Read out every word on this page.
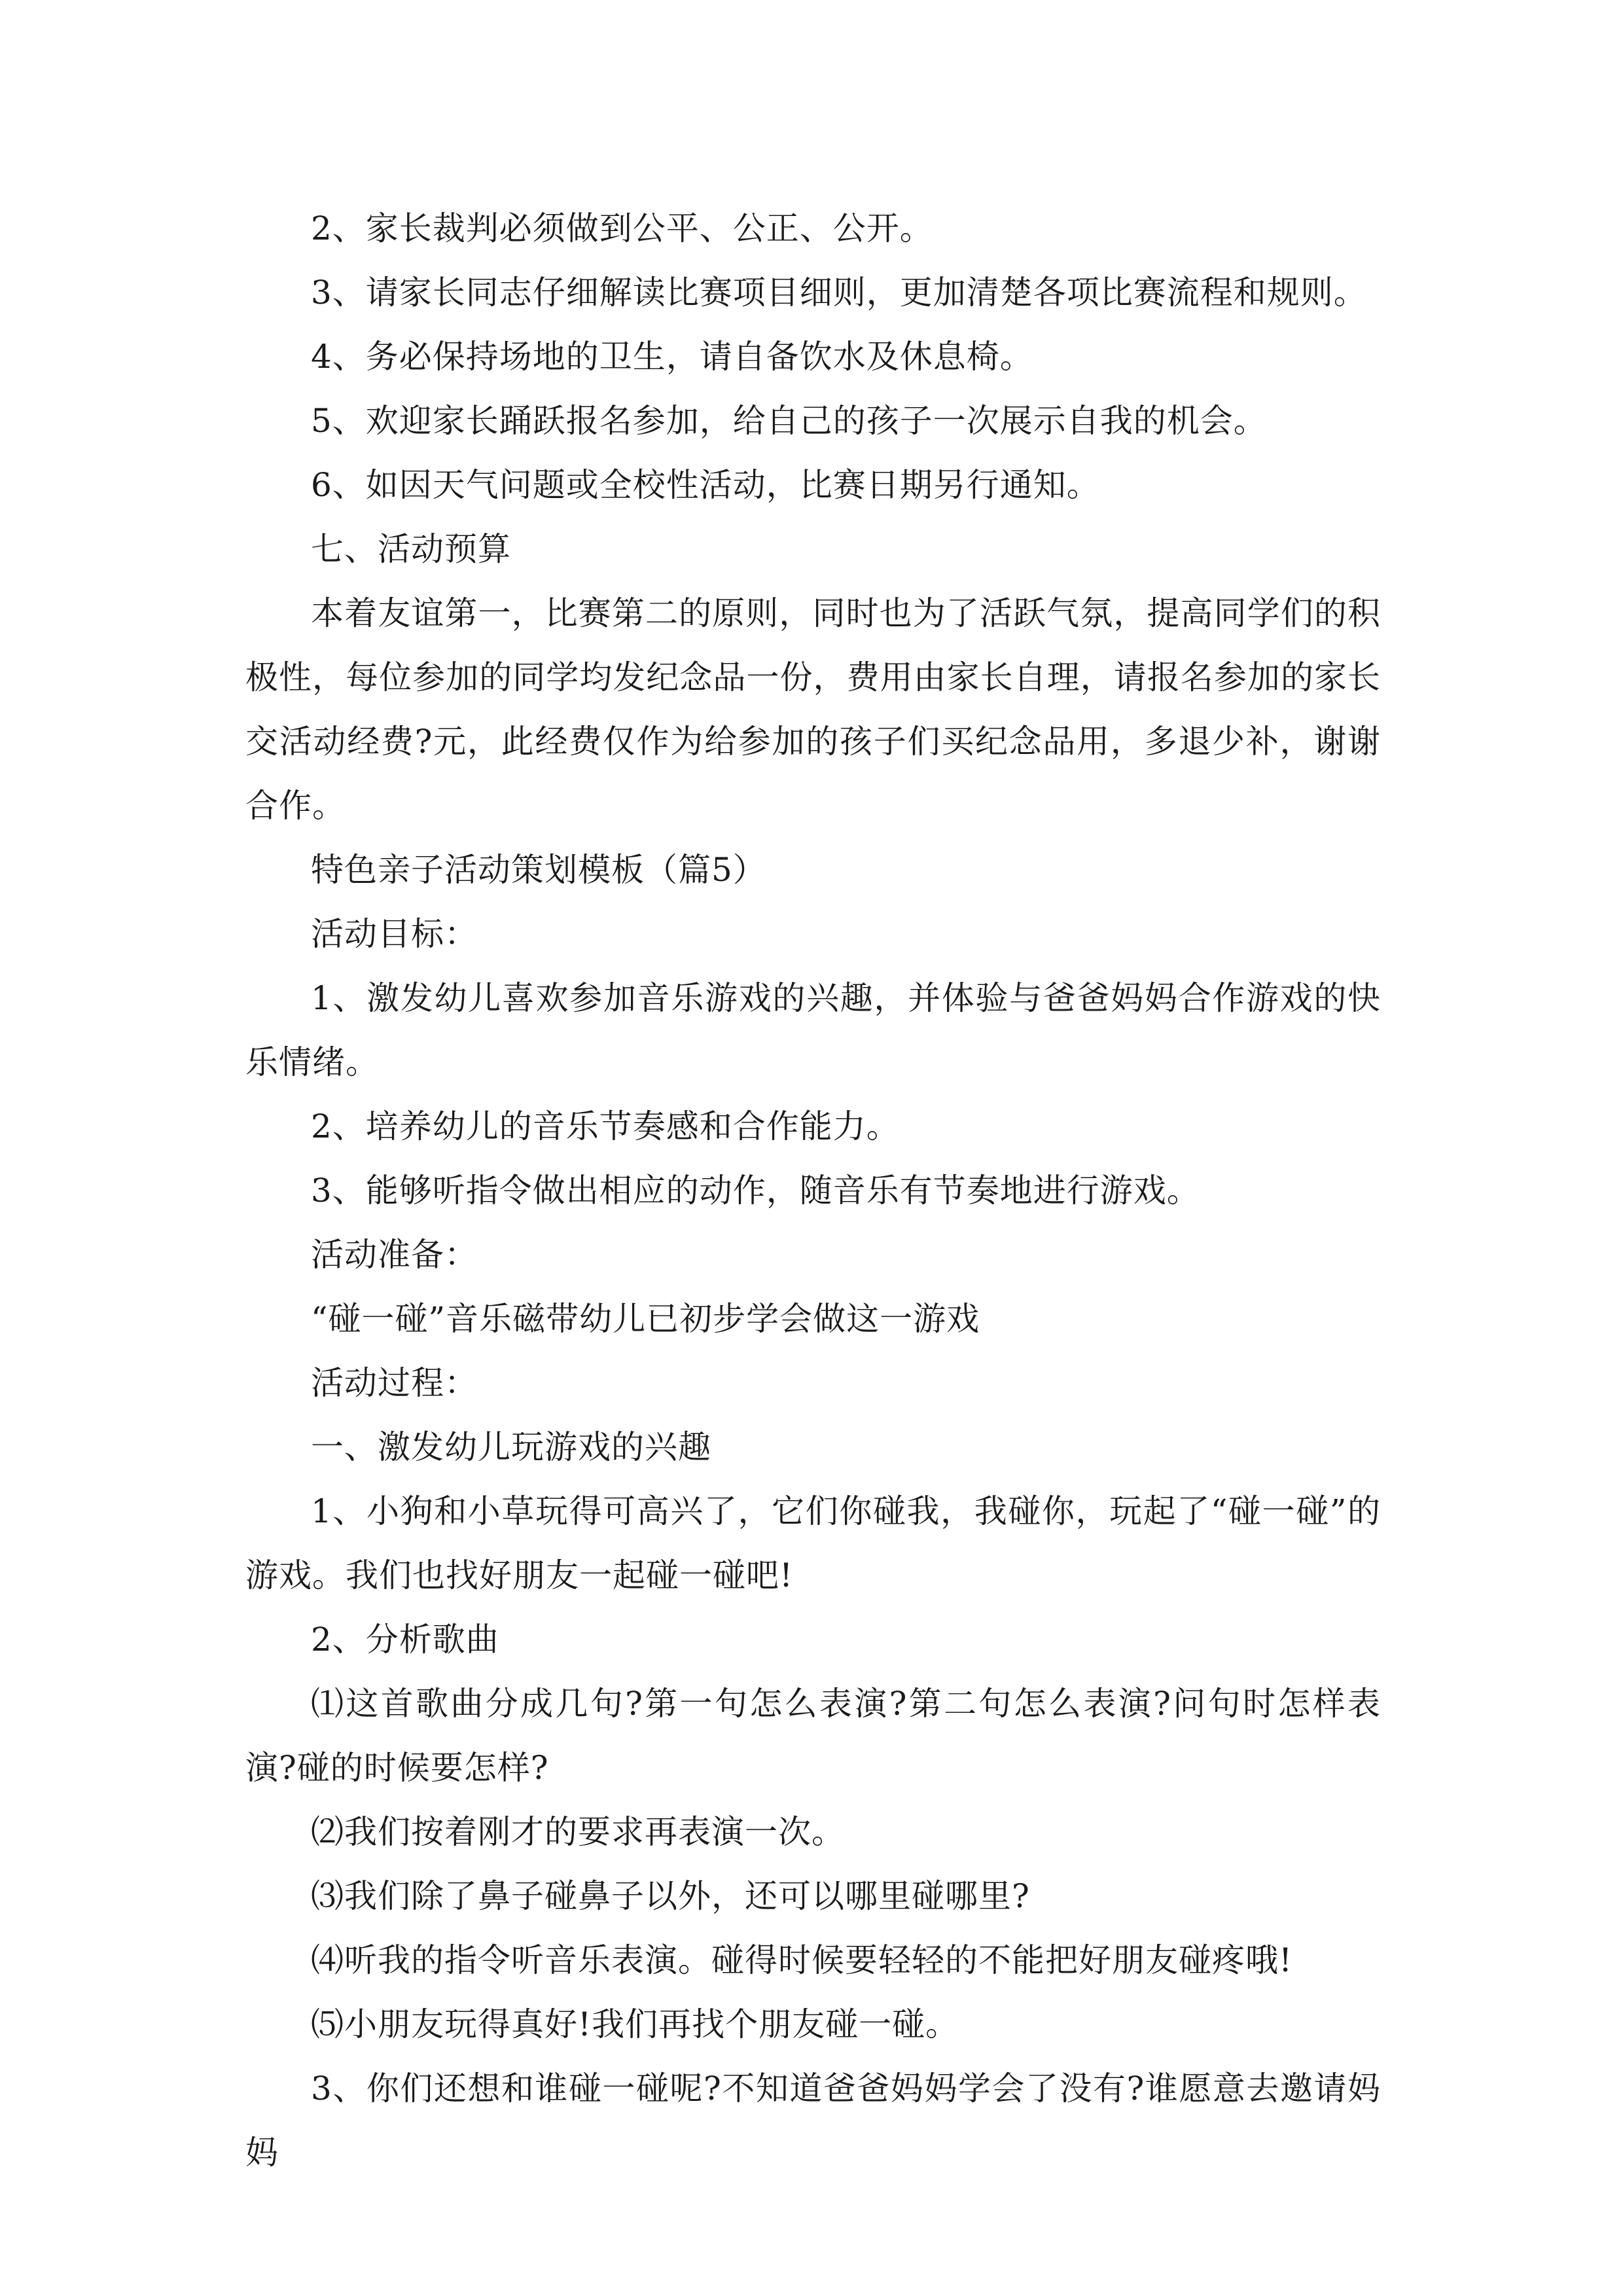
2、家长裁判必须做到公平、公正、公开。

3、请家长同志仔细解读比赛项目细则，更加清楚各项比赛流程和规则。

4、务必保持场地的卫生，请自备饮水及休息椅。

5、欢迎家长踊跃报名参加，给自己的孩子一次展示自我的机会。

6、如因天气问题或全校性活动，比赛日期另行通知。

七、活动预算

本着友谊第一，比赛第二的原则，同时也为了活跃气氛，提高同学们的积极性，每位参加的同学均发纪念品一份，费用由家长自理，请报名参加的家长交活动经费?元，此经费仅作为给参加的孩子们买纪念品用，多退少补，谢谢合作。

特色亲子活动策划模板（篇5）

活动目标：

1、激发幼儿喜欢参加音乐游戏的兴趣，并体验与爸爸妈妈合作游戏的快乐情绪。

2、培养幼儿的音乐节奏感和合作能力。

3、能够听指令做出相应的动作，随音乐有节奏地进行游戏。

活动准备：

“碰一碰”音乐磁带幼儿已初步学会做这一游戏

活动过程：

一、激发幼儿玩游戏的兴趣

1、小狗和小草玩得可高兴了，它们你碰我，我碰你，玩起了“碰一碰”的游戏。我们也找好朋友一起碰一碰吧!

2、分析歌曲

⑴这首歌曲分成几句?第一句怎么表演?第二句怎么表演?问句时怎样表演?碰的时候要怎样?

⑵我们按着刚才的要求再表演一次。

⑶我们除了鼻子碰鼻子以外，还可以哪里碰哪里?

⑷听我的指令听音乐表演。碰得时候要轻轻的不能把好朋友碰疼哦!

⑸小朋友玩得真好!我们再找个朋友碰一碰。

3、你们还想和谁碰一碰呢?不知道爸爸妈妈学会了没有?谁愿意去邀请妈妈
